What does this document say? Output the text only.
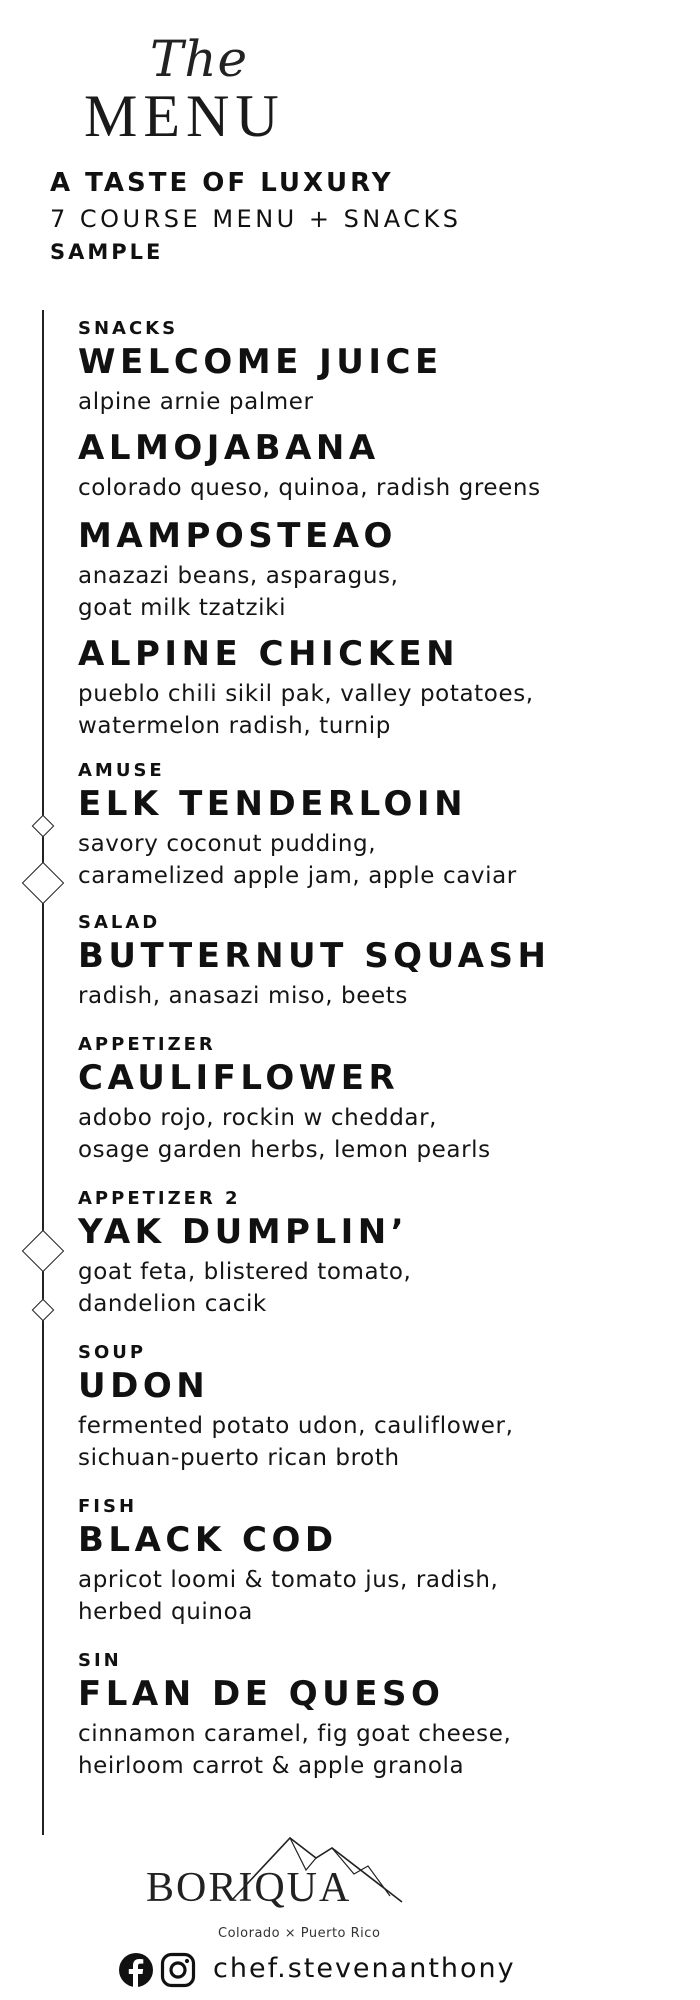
The
MENU
A TASTE OF LUXURY
7 COURSE MENU + SNACKS
SAMPLE
SNACKS
WELCOME JUICE
alpine arnie palmer
ALMOJABANA
colorado queso, quinoa, radish greens
MAMPOSTEAO
anazazi beans, asparagus,
goat milk tzatziki
ALPINE CHICKEN
pueblo chili sikil pak, valley potatoes,
watermelon radish, turnip
AMUSE
ELK TENDERLOIN
savory coconut pudding,
caramelized apple jam, apple caviar
SALAD
BUTTERNUT SQUASH
radish, anasazi miso, beets
APPETIZER
CAULIFLOWER
adobo rojo, rockin w cheddar,
osage garden herbs, lemon pearls
APPETIZER 2
YAK DUMPLIN’
goat feta, blistered tomato,
dandelion cacik
SOUP
UDON
fermented potato udon, cauliflower,
sichuan-puerto rican broth
FISH
BLACK COD
apricot loomi & tomato jus, radish,
herbed quinoa
SIN
FLAN DE QUESO
cinnamon caramel, fig goat cheese,
heirloom carrot & apple granola
BORIQUA
Colorado ⨯ Puerto Rico
chef.stevenanthony
